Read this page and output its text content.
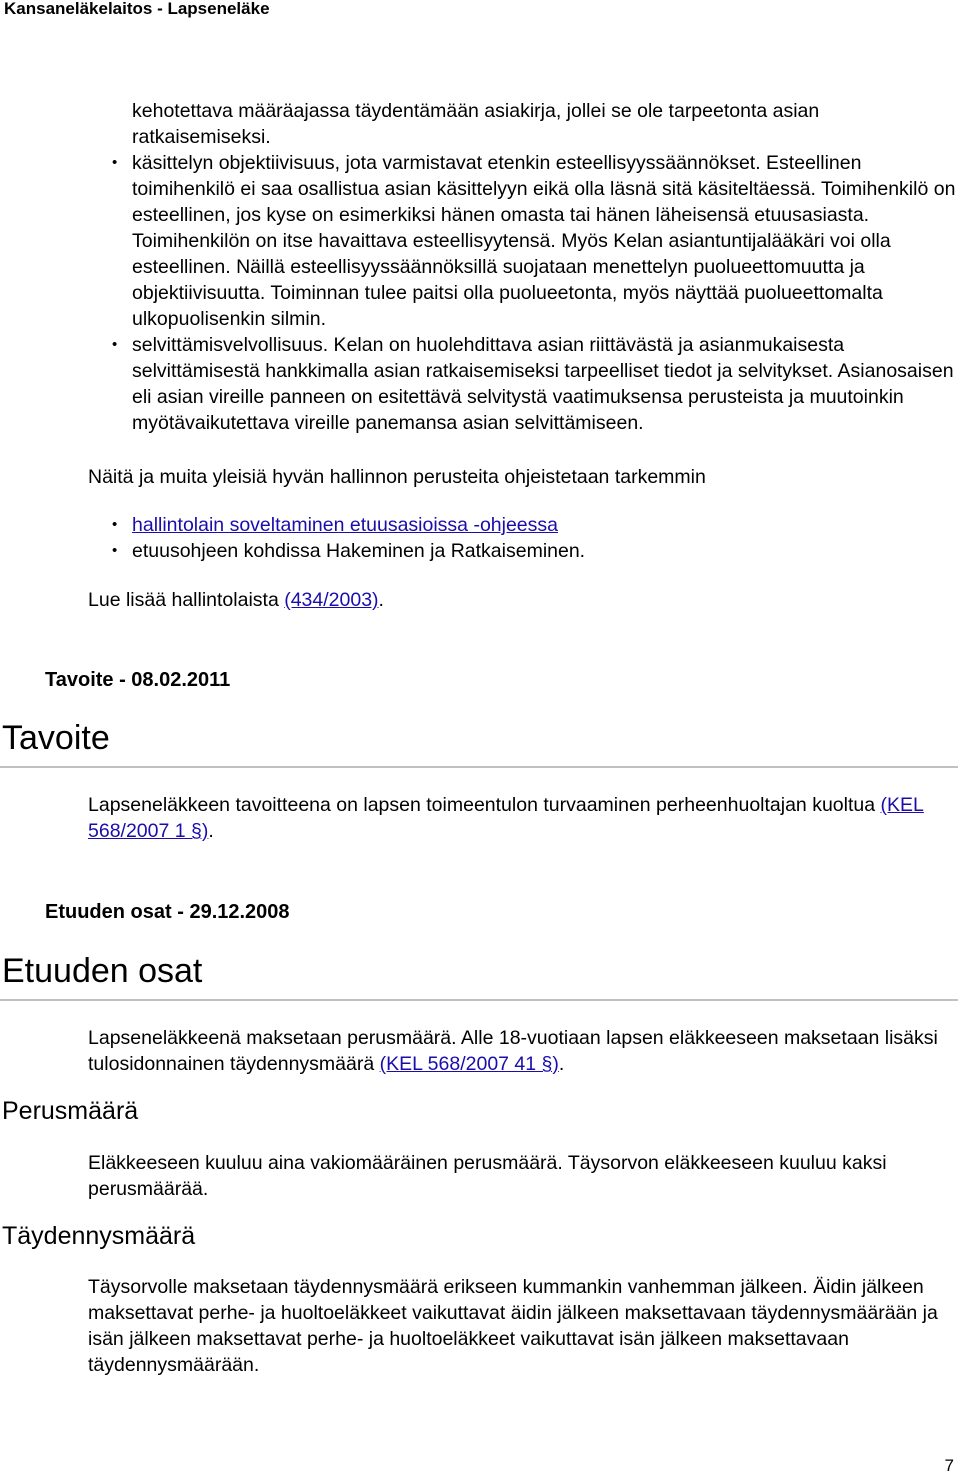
Kansaneläkelaitos - Lapseneläke
kehotettava määräajassa täydentämään asiakirja, jollei se ole tarpeetonta asian ratkaisemiseksi.
• käsittelyn objektiivisuus, jota varmistavat etenkin esteellisyyssäännökset. Esteellinen toimihenkilö ei saa osallistua asian käsittelyyn eikä olla läsnä sitä käsiteltäessä. Toimihenkilö on esteellinen, jos kyse on esimerkiksi hänen omasta tai hänen läheisensä etuusasiasta. Toimihenkilön on itse havaittava esteellisyytensä. Myös Kelan asiantuntijalääkäri voi olla esteellinen. Näillä esteellisyyssäännöksillä suojataan menettelyn puolueettomuutta ja objektiivisuutta. Toiminnan tulee paitsi olla puolueetonta, myös näyttää puolueettomalta ulkopuolisenkin silmin.
• selvittämisvelvollisuus. Kelan on huolehdittava asian riittävästä ja asianmukaisesta selvittämisestä hankkimalla asian ratkaisemiseksi tarpeelliset tiedot ja selvitykset. Asianosaisen eli asian vireille panneen on esitettävä selvitystä vaatimuksensa perusteista ja muutoinkin myötävaikutettava vireille panemansa asian selvittämiseen.

Näitä ja muita yleisiä hyvän hallinnon perusteita ohjeistetaan tarkemmin

• hallintolain soveltaminen etuusasioissa -ohjeessa
• etuusohjeen kohdissa Hakeminen ja Ratkaiseminen.

Lue lisää hallintolaista (434/2003).

Tavoite - 08.02.2011
Tavoite

Lapseneläkkeen tavoitteena on lapsen toimeentulon turvaaminen perheenhuoltajan kuoltua (KEL 568/2007 1 §).

Etuuden osat - 29.12.2008
Etuuden osat

Lapseneläkkeenä maksetaan perusmäärä. Alle 18-vuotiaan lapsen eläkkeeseen maksetaan lisäksi tulosidonnainen täydennysmäärä (KEL 568/2007 41 §).

Perusmäärä

Eläkkeeseen kuuluu aina vakiomääräinen perusmäärä. Täysorvon eläkkeeseen kuuluu kaksi perusmäärää.

Täydennysmäärä

Täysorvolle maksetaan täydennysmäärä erikseen kummankin vanhemman jälkeen. Äidin jälkeen maksettavat perhe- ja huoltoeläkkeet vaikuttavat äidin jälkeen maksettavaan täydennysmäärään ja isän jälkeen maksettavat perhe- ja huoltoeläkkeet vaikuttavat isän jälkeen maksettavaan täydennysmäärään.

7
